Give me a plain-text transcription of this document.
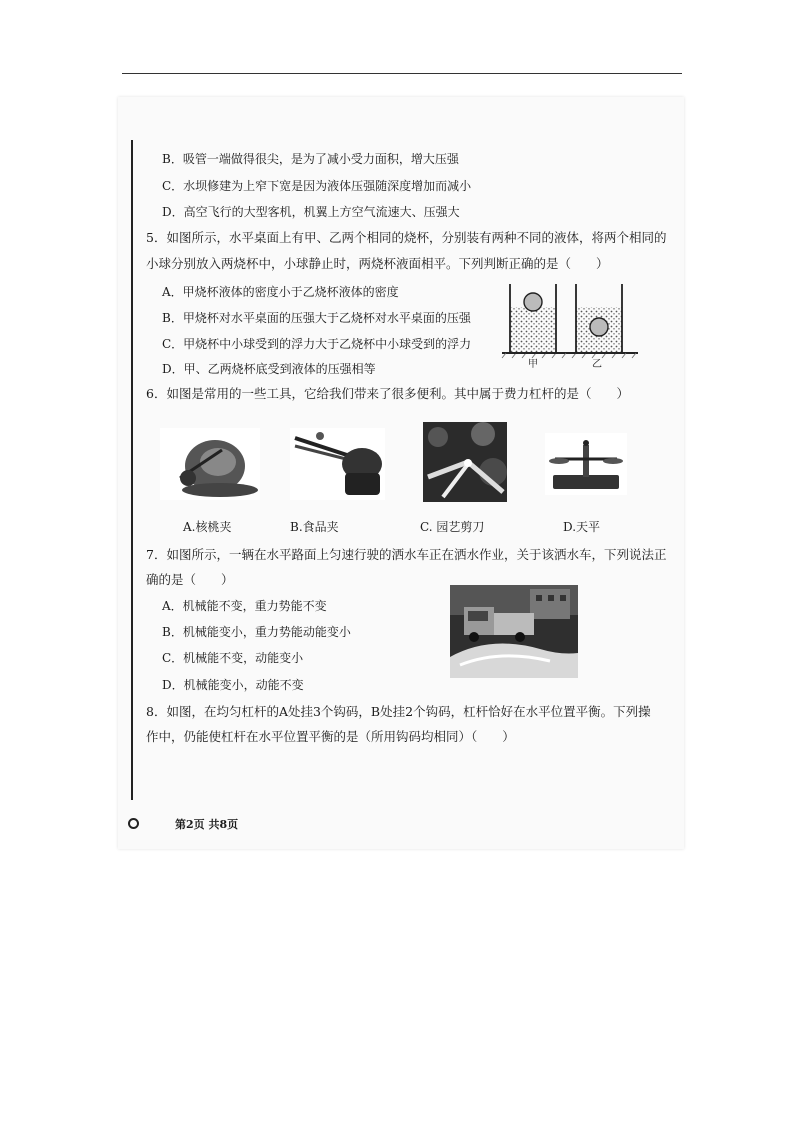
B．吸管一端做得很尖，是为了减小受力面积，增大压强
C．水坝修建为上窄下宽是因为液体压强随深度增加而减小
D．高空飞行的大型客机，机翼上方空气流速大、压强大
5．如图所示，水平桌面上有甲、乙两个相同的烧杯，分别装有两种不同的液体，将两个相同的
小球分别放入两烧杯中，小球静止时，两烧杯液面相平。下列判断正确的是（　　）
A．甲烧杯液体的密度小于乙烧杯液体的密度
B．甲烧杯对水平桌面的压强大于乙烧杯对水平桌面的压强
C．甲烧杯中小球受到的浮力大于乙烧杯中小球受到的浮力
D．甲、乙两烧杯底受到液体的压强相等	甲	乙
6．如图是常用的一些工具，它给我们带来了很多便利。其中属于费力杠杆的是（　　）
A.核桃夹	B.食品夹	C. 园艺剪刀	D.天平
7．如图所示，一辆在水平路面上匀速行驶的洒水车正在洒水作业，关于该洒水车，下列说法正
确的是（　　）
A．机械能不变，重力势能不变
B．机械能变小，重力势能动能变小
C．机械能不变，动能变小
D．机械能变小，动能不变
8．如图，在均匀杠杆的A处挂3个钩码，B处挂2个钩码，杠杆恰好在水平位置平衡。下列操
作中，仍能使杠杆在水平位置平衡的是（所用钩码均相同）（　　）
第2页 共8页
